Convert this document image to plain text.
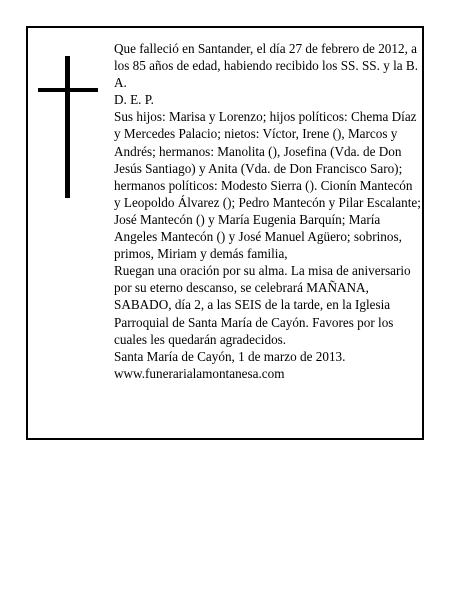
Que falleció en Santander, el día 27 de febrero de 2012, a los 85 años de edad, habiendo recibido los SS. SS. y la B. A.

D. E. P.

Sus hijos: Marisa y Lorenzo; hijos políticos: Chema Díaz y Mercedes Palacio; nietos: Víctor, Irene (), Marcos y Andrés; hermanos: Manolita (), Josefina (Vda. de Don Jesús Santiago) y Anita (Vda. de Don Francisco Saro); hermanos políticos: Modesto Sierra (). Cionín Mantecón y Leopoldo Álvarez (); Pedro Mantecón y Pilar Escalante; José Mantecón () y María Eugenia Barquín; María Angeles Mantecón () y José Manuel Agüero; sobrinos, primos, Miriam y demás familia,

Ruegan una oración por su alma. La misa de aniversario por su eterno descanso, se celebrará MAÑANA, SABADO, día 2, a las SEIS de la tarde, en la Iglesia Parroquial de Santa María de Cayón. Favores por los cuales les quedarán agradecidos.

Santa María de Cayón, 1 de marzo de 2013.

www.funerarialamontanesa.com
